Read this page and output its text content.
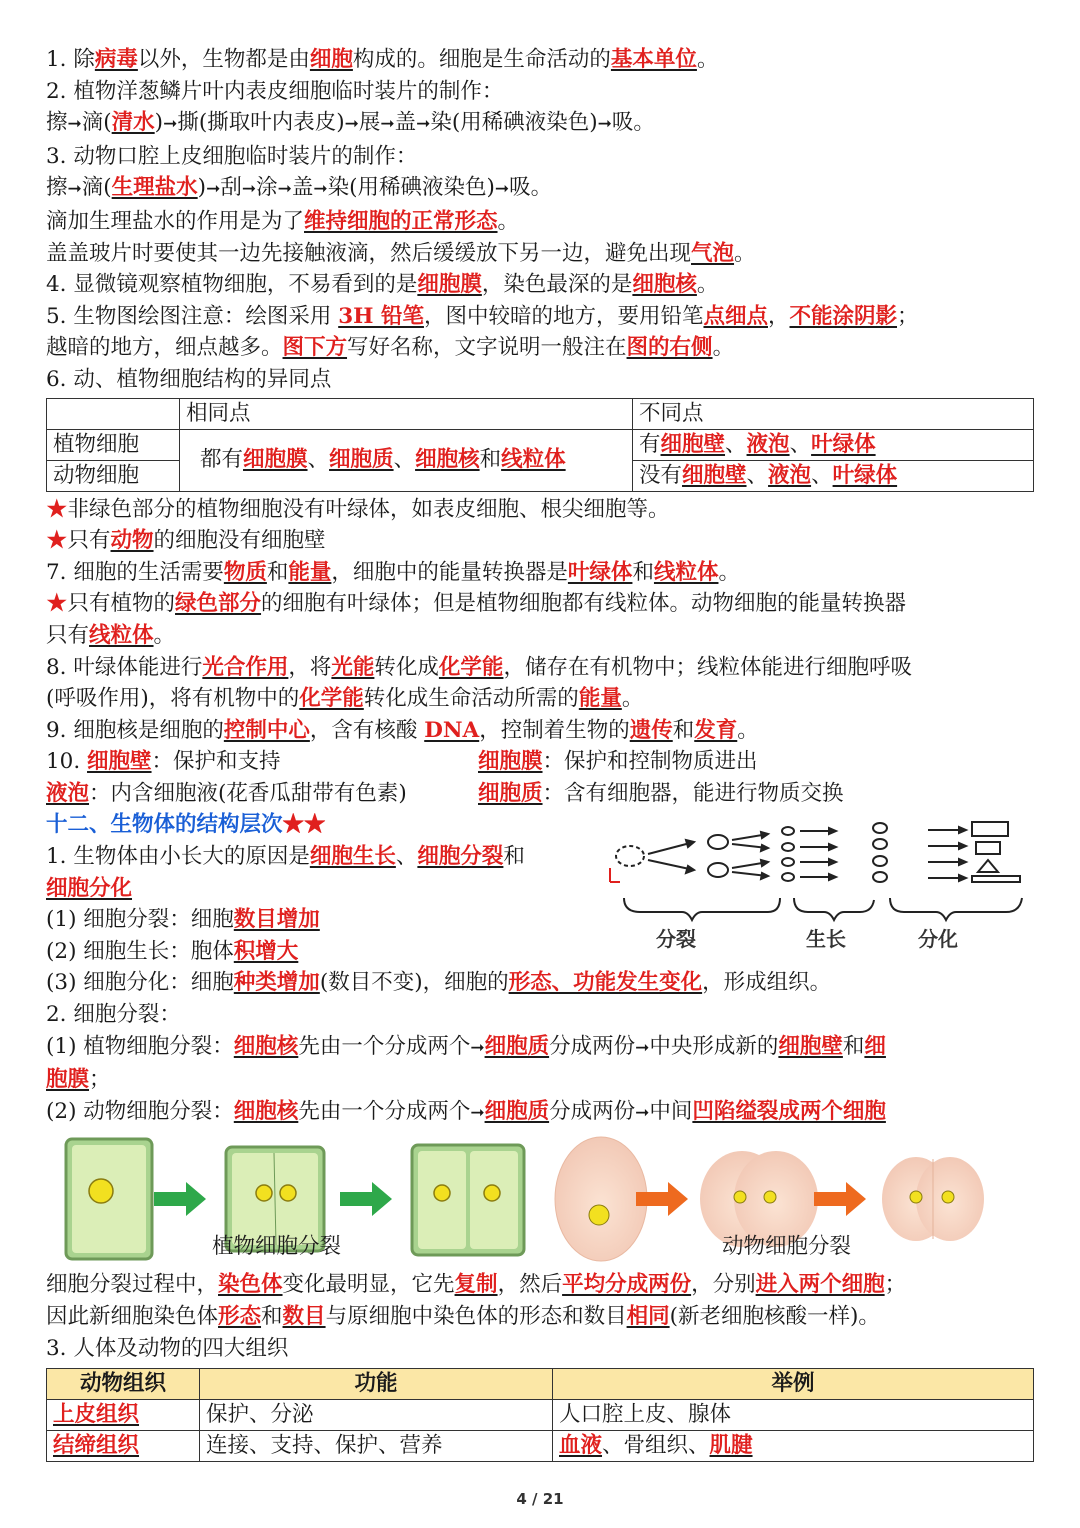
1. 除病毒以外，生物都是由细胞构成的。细胞是生命活动的基本单位。
2. 植物洋葱鳞片叶内表皮细胞临时装片的制作：
擦➞滴(清水)➞撕(撕取叶内表皮)➞展➞盖➞染(用稀碘液染色)➞吸。
3. 动物口腔上皮细胞临时装片的制作：
擦➞滴(生理盐水)➞刮➞涂➞盖➞染(用稀碘液染色)➞吸。
滴加生理盐水的作用是为了维持细胞的正常形态。
盖盖玻片时要使其一边先接触液滴，然后缓缓放下另一边，避免出现气泡。
4. 显微镜观察植物细胞，不易看到的是细胞膜，染色最深的是细胞核。
5. 生物图绘图注意：绘图采用 3H 铅笔，图中较暗的地方，要用铅笔点细点，不能涂阴影；
越暗的地方，细点越多。图下方写好名称，文字说明一般注在图的右侧。
6. 动、植物细胞结构的异同点
	相同点	不同点
植物细胞	都有细胞膜、细胞质、细胞核和线粒体	有细胞壁、液泡、叶绿体
动物细胞		没有细胞壁、液泡、叶绿体
★非绿色部分的植物细胞没有叶绿体，如表皮细胞、根尖细胞等。
★只有动物的细胞没有细胞壁
7. 细胞的生活需要物质和能量，细胞中的能量转换器是叶绿体和线粒体。
★只有植物的绿色部分的细胞有叶绿体；但是植物细胞都有线粒体。动物细胞的能量转换器
只有线粒体。
8. 叶绿体能进行光合作用，将光能转化成化学能，储存在有机物中；线粒体能进行细胞呼吸
(呼吸作用)，将有机物中的化学能转化成生命活动所需的能量。
9. 细胞核是细胞的控制中心，含有核酸 DNA，控制着生物的遗传和发育。
10. 细胞壁：保护和支持	细胞膜：保护和控制物质进出
液泡：内含细胞液(花香瓜甜带有色素)	细胞质：含有细胞器，能进行物质交换
十二、生物体的结构层次★★
1. 生物体由小长大的原因是细胞生长、细胞分裂和
细胞分化
(1) 细胞分裂：细胞数目增加
(2) 细胞生长：胞体积增大
(3) 细胞分化：细胞种类增加(数目不变)，细胞的形态、功能发生变化，形成组织。
2. 细胞分裂：
(1) 植物细胞分裂：细胞核先由一个分成两个➞细胞质分成两份➞中央形成新的细胞壁和细
胞膜；
(2) 动物细胞分裂：细胞核先由一个分成两个➞细胞质分成两份➞中间凹陷缢裂成两个细胞
植物细胞分裂	动物细胞分裂
细胞分裂过程中，染色体变化最明显，它先复制，然后平均分成两份，分别进入两个细胞；
因此新细胞染色体形态和数目与原细胞中染色体的形态和数目相同(新老细胞核酸一样)。
3. 人体及动物的四大组织
动物组织	功能	举例
上皮组织	保护、分泌	人口腔上皮、腺体
结缔组织	连接、支持、保护、营养	血液、骨组织、肌腱
分裂	生长	分化
4 / 21
